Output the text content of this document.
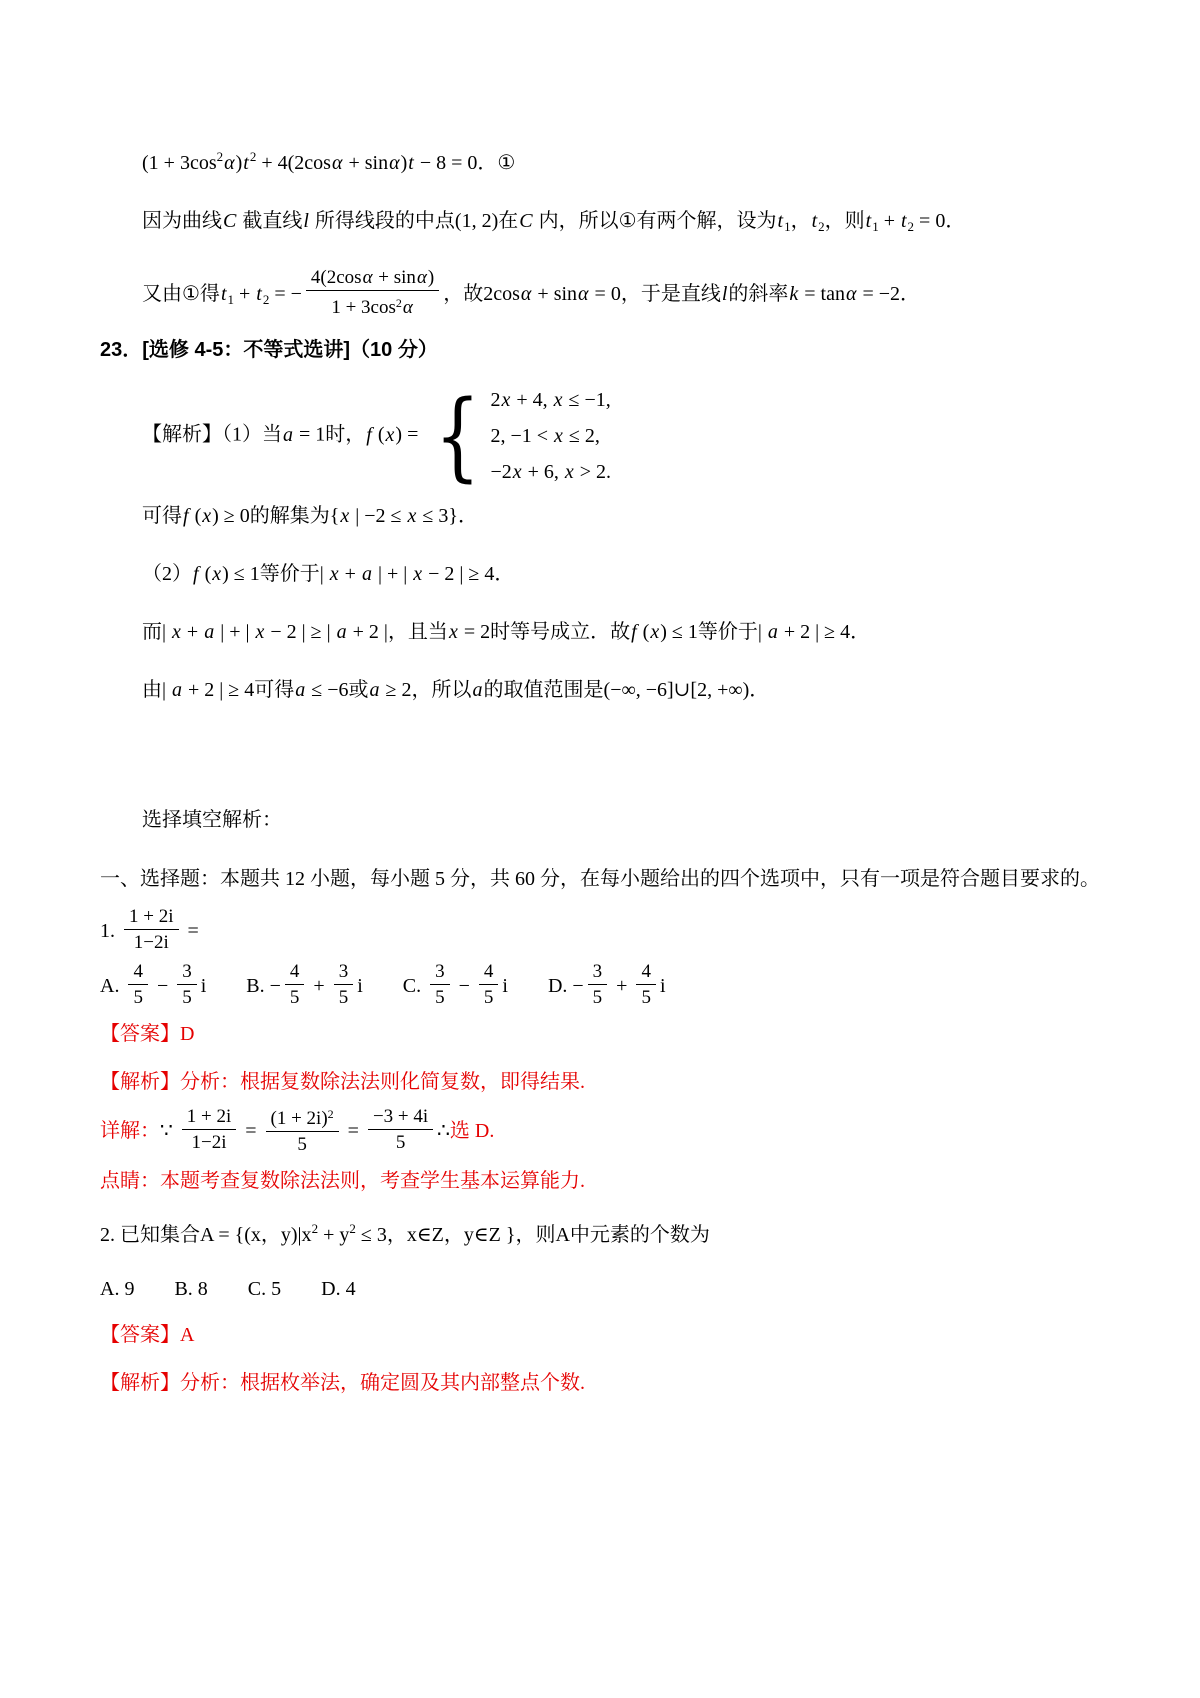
$(1 + 3\cos^2\alpha)t^2 + 4(2\cos\alpha + \sin\alpha)t - 8 = 0$．①
因为曲线C 截直线l 所得线段的中点(1, 2)在C 内，所以①有两个解，设为$t_1$，$t_2$，则$t_1 + t_2 = 0$．
又由①得$t_1 + t_2$ = − $\frac{4(2\cos\alpha + \sin\alpha)}{1 + 3\cos^2\alpha}$ ，故2cosα + sinα = 0，于是直线l的斜率k = tanα = −2．
23．[选修 4-5：不等式选讲]（10 分）
【解析】（1）当a = 1时，f (x) = { 2x + 4, x ≤ −1,
2, −1 < x ≤ 2,
−2x + 6, x > 2.
可得f (x) ≥ 0的解集为{x | −2 ≤ x ≤ 3}．
（2）f (x) ≤ 1等价于| x + a | + | x − 2 | ≥ 4．
而| x + a | + | x − 2 | ≥ | a + 2 |，且当x = 2时等号成立．故f (x) ≤ 1等价于| a + 2 | ≥ 4．
由| a + 2 | ≥ 4可得a ≤ −6或a ≥ 2，所以a的取值范围是(−∞, −6]∪[2, +∞)．
选择填空解析：
一、选择题：本题共 12 小题，每小题 5 分，共 60 分，在每小题给出的四个选项中，只有一项是符合题目要求的。
1. $\frac{1 + 2i}{1-2i}$ =
A. $\frac{4}{5} - \frac{3}{5}$ i　　B. − $\frac{4}{5} + \frac{3}{5}$ i　　C. $\frac{3}{5} - \frac{4}{5}$ i　　D. − $\frac{3}{5} + \frac{4}{5}$ i
【答案】D
【解析】分析：根据复数除法法则化简复数，即得结果.
详解：∵ $\frac{1 + 2i}{1-2i} = \frac{(1 + 2i)^2}{5} = \frac{-3 + 4i}{5}$ ∴选 D.
点睛：本题考查复数除法法则，考查学生基本运算能力.
2. 已知集合A = {(x，$y)|x^2 + y^2 \le 3$，x∈Z，y∈Z }，则A中元素的个数为
A. 9　　B. 8　　C. 5　　D. 4
【答案】A
【解析】分析：根据枚举法，确定圆及其内部整点个数.
